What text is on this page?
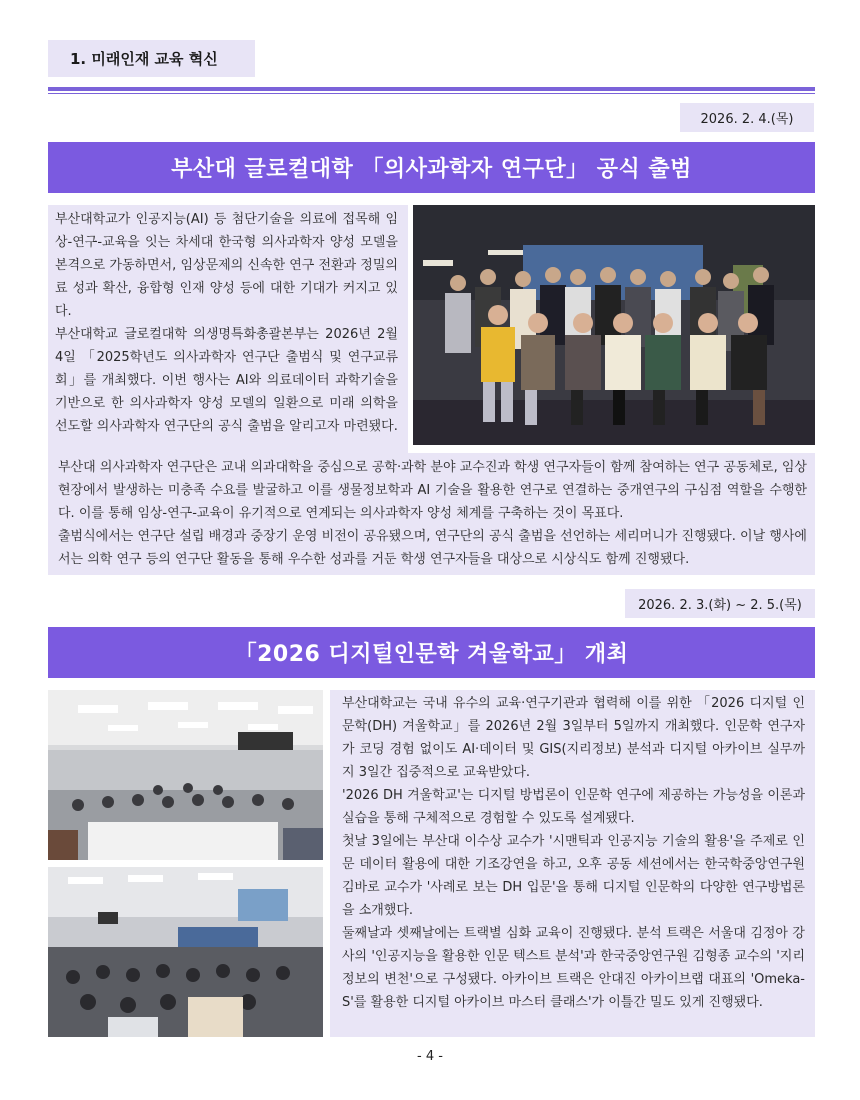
1. 미래인재 교육 혁신
2026. 2. 4.(목)
부산대 글로컬대학 「의사과학자 연구단」 공식 출범

부산대학교가 인공지능(AI) 등 첨단기술을 의료에 접목해 임상-연구-교육을 잇는 차세대 한국형 의사과학자 양성 모델을 본격으로 가동하면서, 임상문제의 신속한 연구 전환과 정밀의료 성과 확산, 융합형 인재 양성 등에 대한 기대가 커지고 있다.

부산대학교 글로컬대학 의생명특화총괄본부는 2026년 2월 4일 「2025학년도 의사과학자 연구단 출범식 및 연구교류회」를 개최했다. 이번 행사는 AI와 의료데이터 과학기술을 기반으로 한 의사과학자 양성 모델의 일환으로 미래 의학을 선도할 의사과학자 연구단의 공식 출범을 알리고자 마련됐다.

부산대 의사과학자 연구단은 교내 의과대학을 중심으로 공학·과학 분야 교수진과 학생 연구자들이 함께 참여하는 연구 공동체로, 임상 현장에서 발생하는 미충족 수요를 발굴하고 이를 생물정보학과 AI 기술을 활용한 연구로 연결하는 중개연구의 구심점 역할을 수행한다. 이를 통해 임상-연구-교육이 유기적으로 연계되는 의사과학자 양성 체계를 구축하는 것이 목표다.

출범식에서는 연구단 설립 배경과 중장기 운영 비전이 공유됐으며, 연구단의 공식 출범을 선언하는 세리머니가 진행됐다. 이날 행사에서는 의학 연구 등의 연구단 활동을 통해 우수한 성과를 거둔 학생 연구자들을 대상으로 시상식도 함께 진행됐다.

2026. 2. 3.(화) ~ 2. 5.(목)
「2026 디지털인문학 겨울학교」 개최

부산대학교는 국내 유수의 교육·연구기관과 협력해 이를 위한 「2026 디지털 인문학(DH) 겨울학교」를 2026년 2월 3일부터 5일까지 개최했다. 인문학 연구자가 코딩 경험 없이도 AI·데이터 및 GIS(지리정보) 분석과 디지털 아카이브 실무까지 3일간 집중적으로 교육받았다.

'2026 DH 겨울학교'는 디지털 방법론이 인문학 연구에 제공하는 가능성을 이론과 실습을 통해 구체적으로 경험할 수 있도록 설계됐다.

첫날 3일에는 부산대 이수상 교수가 '시맨틱과 인공지능 기술의 활용'을 주제로 인문 데이터 활용에 대한 기조강연을 하고, 오후 공동 세션에서는 한국학중앙연구원 김바로 교수가 '사례로 보는 DH 입문'을 통해 디지털 인문학의 다양한 연구방법론을 소개했다.

둘째날과 셋째날에는 트랙별 심화 교육이 진행됐다. 분석 트랙은 서울대 김정아 강사의 '인공지능을 활용한 인문 텍스트 분석'과 한국중앙연구원 김형종 교수의 '지리정보의 변천'으로 구성됐다. 아카이브 트랙은 안대진 아카이브랩 대표의 'Omeka-S'를 활용한 디지털 아카이브 마스터 클래스'가 이틀간 밀도 있게 진행됐다.

- 4 -
